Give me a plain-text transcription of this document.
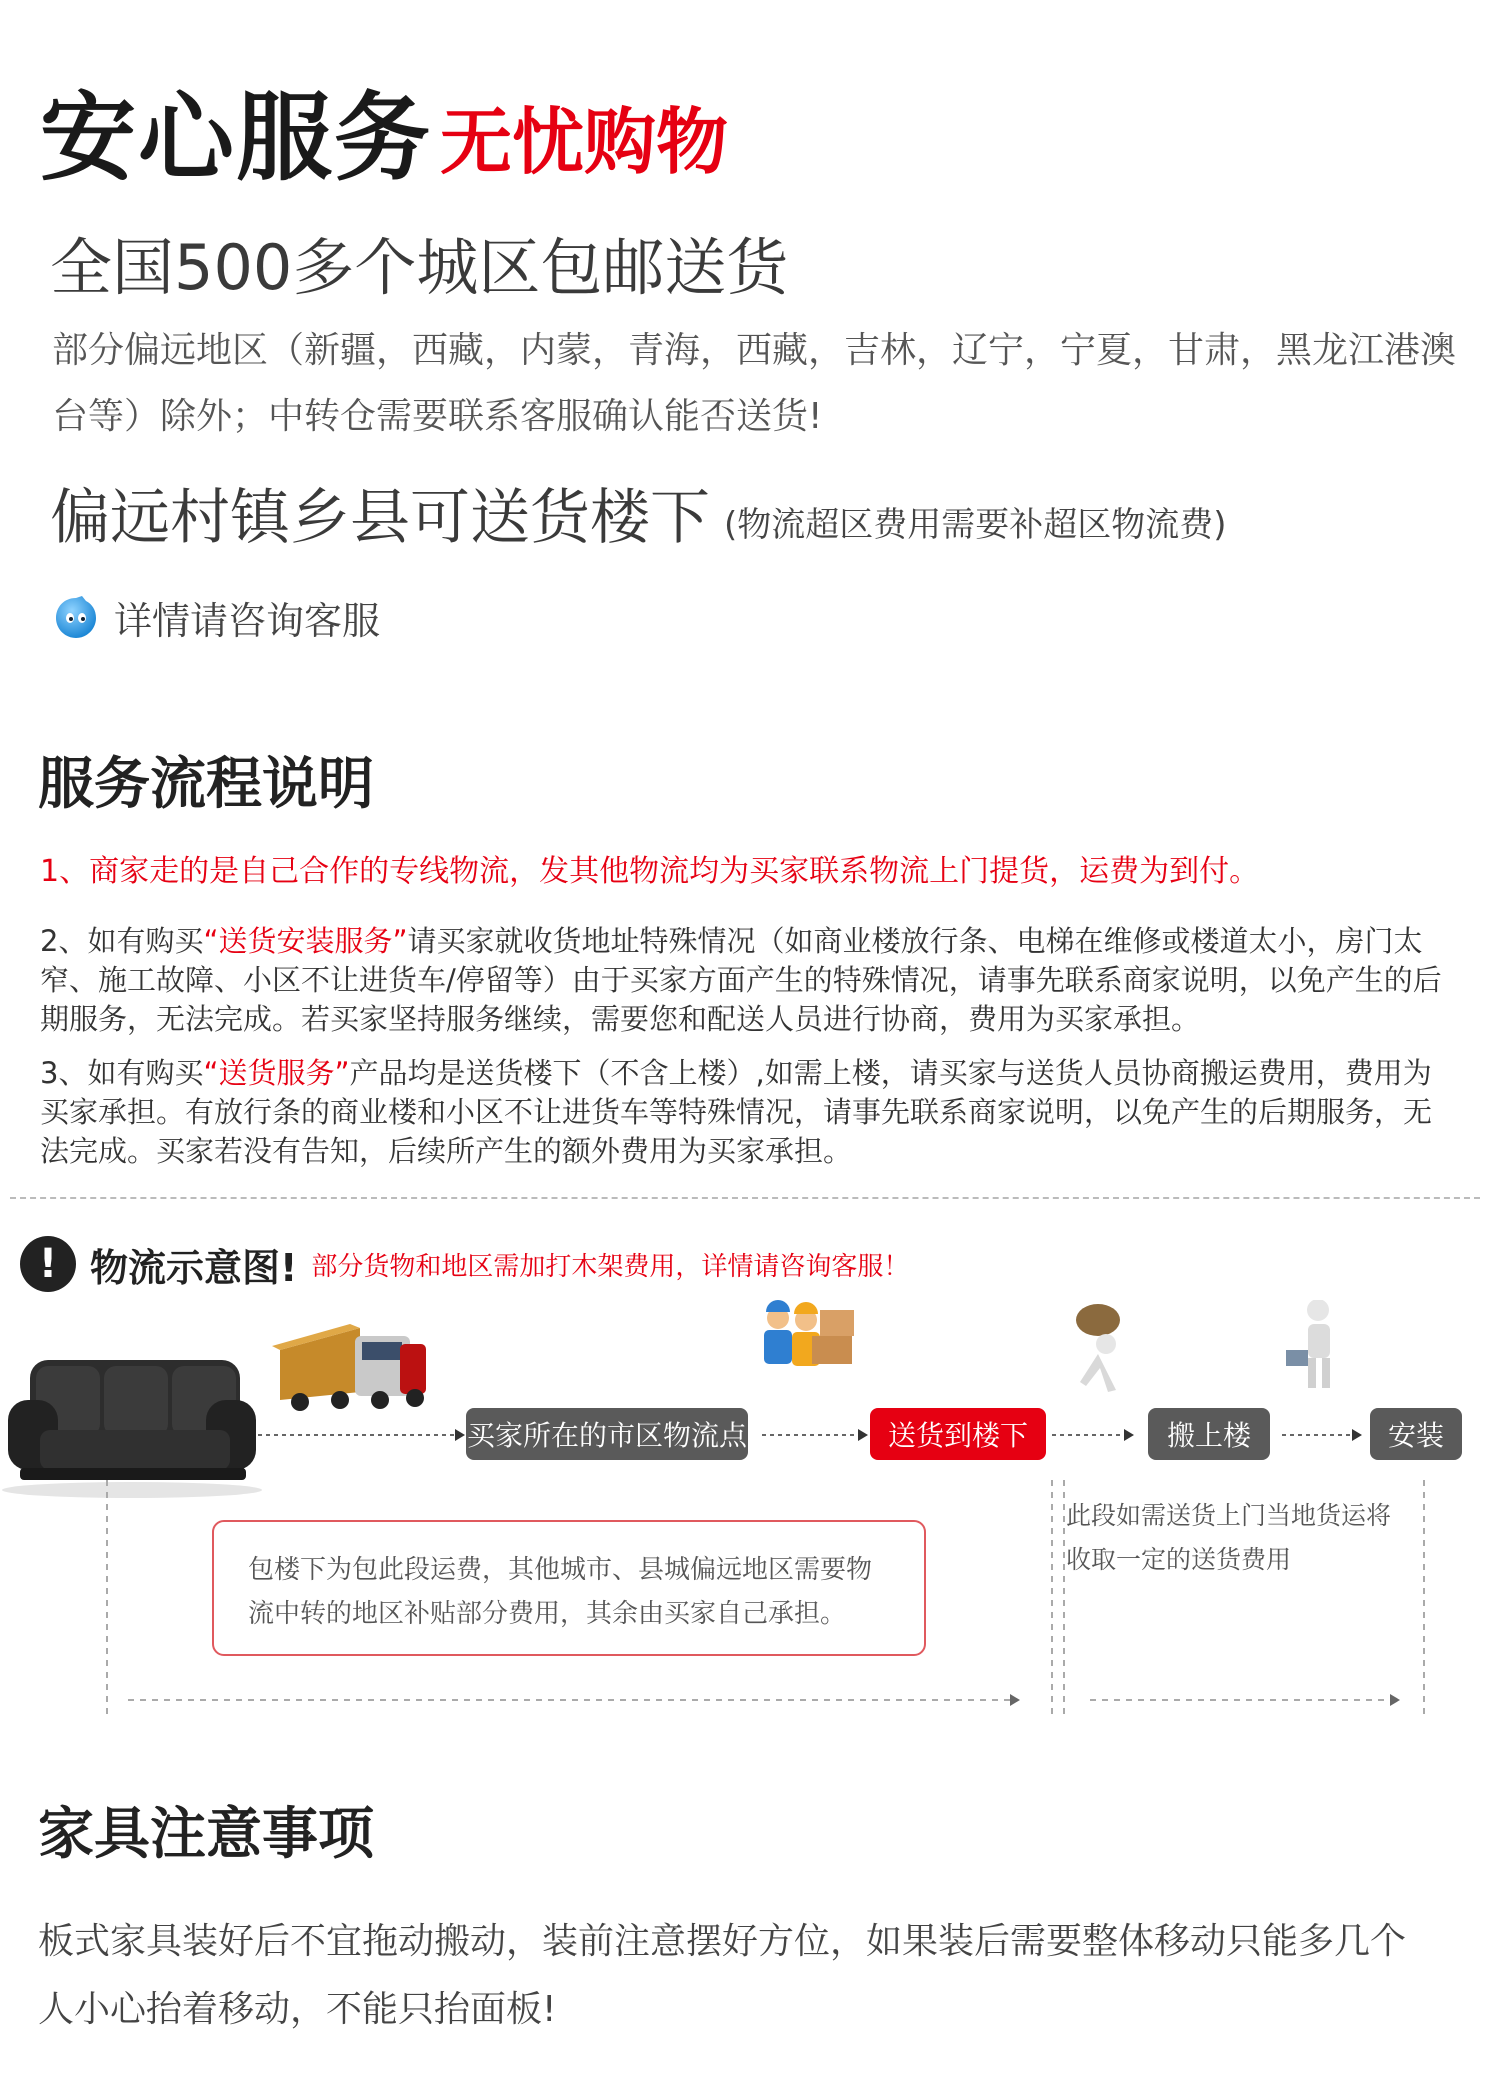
安心服务 无忧购物
全国500多个城区包邮送货
部分偏远地区（新疆，西藏，内蒙，青海，西藏，吉林，辽宁，宁夏，甘肃，黑龙江港澳台等）除外；中转仓需要联系客服确认能否送货!
偏远村镇乡县可送货楼下 (物流超区费用需要补超区物流费)
详情请咨询客服
服务流程说明
1、商家走的是自己合作的专线物流，发其他物流均为买家联系物流上门提货，运费为到付。
2、如有购买“送货安装服务”请买家就收货地址特殊情况（如商业楼放行条、电梯在维修或楼道太小，房门太窄、施工故障、小区不让进货车/停留等）由于买家方面产生的特殊情况，请事先联系商家说明，以免产生的后期服务，无法完成。若买家坚持服务继续，需要您和配送人员进行协商，费用为买家承担。
3、如有购买“送货服务”产品均是送货楼下（不含上楼）,如需上楼，请买家与送货人员协商搬运费用，费用为买家承担。有放行条的商业楼和小区不让进货车等特殊情况，请事先联系商家说明，以免产生的后期服务，无法完成。买家若没有告知，后续所产生的额外费用为买家承担。
! 物流示意图! 部分货物和地区需加打木架费用，详情请咨询客服！
买家所在的市区物流点	送货到楼下	搬上楼	安装
包楼下为包此段运费，其他城市、县城偏远地区需要物流中转的地区补贴部分费用，其余由买家自己承担。
此段如需送货上门当地货运将收取一定的送货费用
家具注意事项
板式家具装好后不宜拖动搬动，装前注意摆好方位，如果装后需要整体移动只能多几个人小心抬着移动，不能只抬面板!
